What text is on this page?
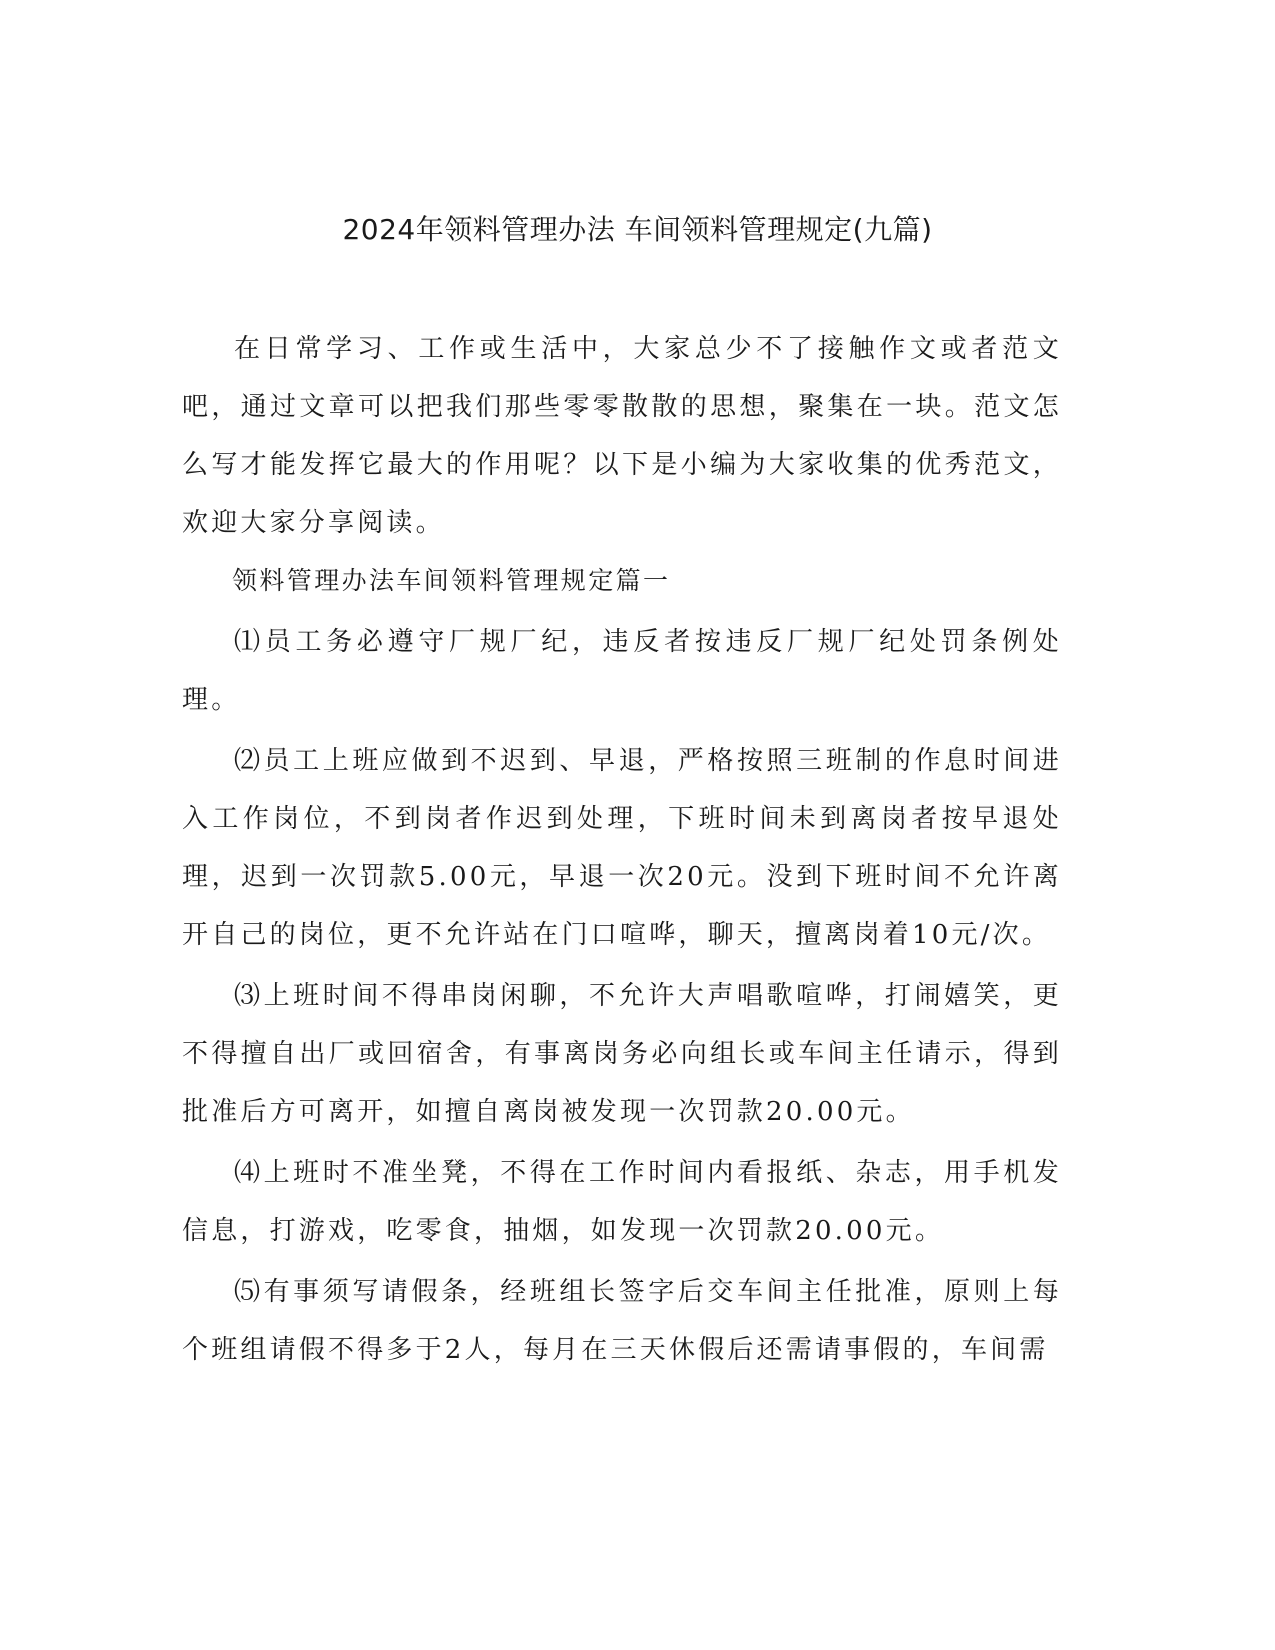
2024年领料管理办法 车间领料管理规定(九篇)

在日常学习、工作或生活中，大家总少不了接触作文或者范文吧，通过文章可以把我们那些零零散散的思想，聚集在一块。范文怎么写才能发挥它最大的作用呢？以下是小编为大家收集的优秀范文，欢迎大家分享阅读。

领料管理办法车间领料管理规定篇一

⑴员工务必遵守厂规厂纪，违反者按违反厂规厂纪处罚条例处理。

⑵员工上班应做到不迟到、早退，严格按照三班制的作息时间进入工作岗位，不到岗者作迟到处理，下班时间未到离岗者按早退处理，迟到一次罚款5.00元，早退一次20元。没到下班时间不允许离开自己的岗位，更不允许站在门口喧哗，聊天，擅离岗着10元/次。

⑶上班时间不得串岗闲聊，不允许大声唱歌喧哗，打闹嬉笑，更不得擅自出厂或回宿舍，有事离岗务必向组长或车间主任请示，得到批准后方可离开，如擅自离岗被发现一次罚款20.00元。

⑷上班时不准坐凳，不得在工作时间内看报纸、杂志，用手机发信息，打游戏，吃零食，抽烟，如发现一次罚款20.00元。

⑸有事须写请假条，经班组长签字后交车间主任批准，原则上每个班组请假不得多于2人，每月在三天休假后还需请事假的，车间需
